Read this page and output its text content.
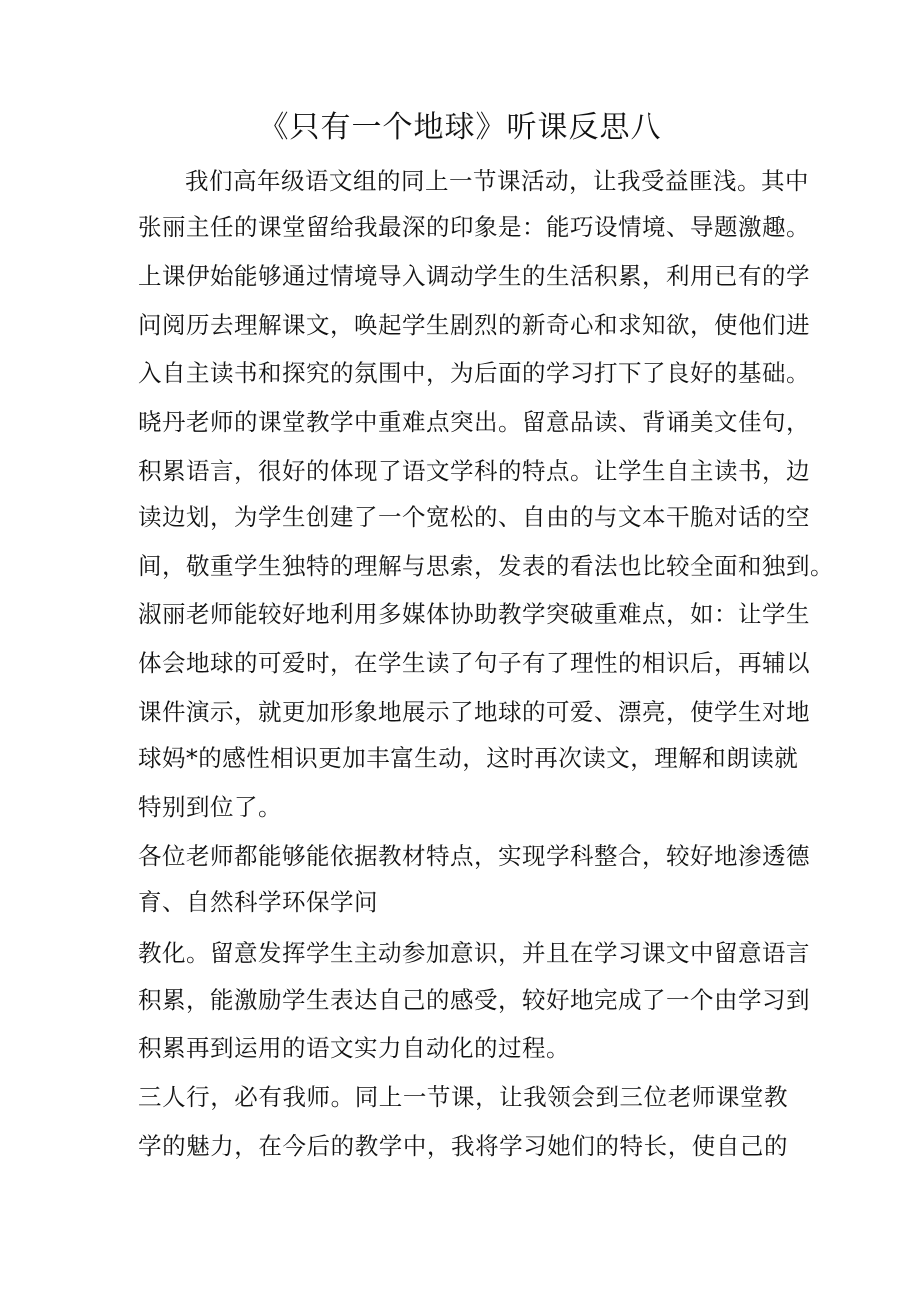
《只有一个地球》听课反思八
我们高年级语文组的同上一节课活动，让我受益匪浅。其中
张丽主任的课堂留给我最深的印象是：能巧设情境、导题激趣。
上课伊始能够通过情境导入调动学生的生活积累，利用已有的学
问阅历去理解课文，唤起学生剧烈的新奇心和求知欲，使他们进
入自主读书和探究的氛围中，为后面的学习打下了良好的基础。
晓丹老师的课堂教学中重难点突出。留意品读、背诵美文佳句，
积累语言，很好的体现了语文学科的特点。让学生自主读书，边
读边划，为学生创建了一个宽松的、自由的与文本干脆对话的空
间，敬重学生独特的理解与思索，发表的看法也比较全面和独到。
淑丽老师能较好地利用多媒体协助教学突破重难点，如：让学生
体会地球的可爱时，在学生读了句子有了理性的相识后，再辅以
课件演示，就更加形象地展示了地球的可爱、漂亮，使学生对地
球妈*的感性相识更加丰富生动，这时再次读文，理解和朗读就
特别到位了。
各位老师都能够能依据教材特点，实现学科整合，较好地渗透德
育、自然科学环保学问
教化。留意发挥学生主动参加意识，并且在学习课文中留意语言
积累，能激励学生表达自己的感受，较好地完成了一个由学习到
积累再到运用的语文实力自动化的过程。
三人行，必有我师。同上一节课，让我领会到三位老师课堂教
学的魅力，在今后的教学中，我将学习她们的特长，使自己的
